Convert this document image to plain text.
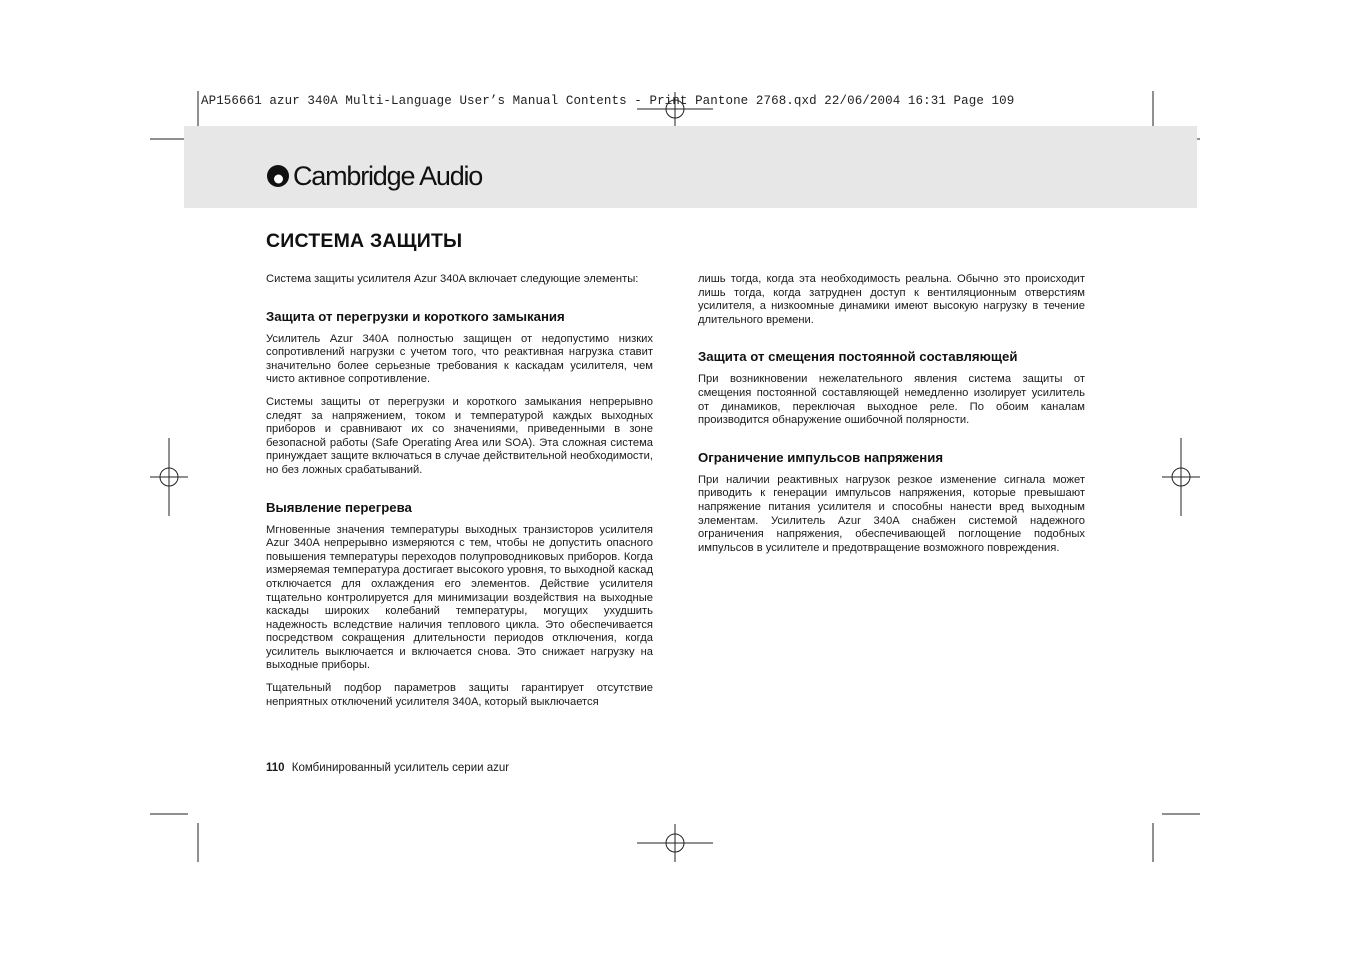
AP156661 azur 340A Multi-Language User’s Manual Contents - Print Pantone 2768.qxd 22/06/2004 16:31 Page 109
Cambridge Audio
СИСТЕМА ЗАЩИТЫ

Система защиты усилителя Azur 340A включает следующие элементы:

Защита от перегрузки и короткого замыкания

Усилитель Azur 340A полностью защищен от недопустимо низких сопротивлений нагрузки с учетом того, что реактивная нагрузка ставит значительно более серьезные требования к каскадам усилителя, чем чисто активное сопротивление.

Системы защиты от перегрузки и короткого замыкания непрерывно следят за напряжением, током и температурой каждых выходных приборов и сравнивают их со значениями, приведенными в зоне безопасной работы (Safe Operating Area или SOA). Эта сложная система принуждает защите включаться в случае действительной необходимости, но без ложных срабатываний.

Выявление перегрева

Мгновенные значения температуры выходных транзисторов усилителя Azur 340A непрерывно измеряются с тем, чтобы не допустить опасного повышения температуры переходов полупроводниковых приборов. Когда измеряемая температура достигает высокого уровня, то выходной каскад отключается для охлаждения его элементов. Действие усилителя тщательно контролируется для минимизации воздействия на выходные каскады широких колебаний температуры, могущих ухудшить надежность вследствие наличия теплового цикла. Это обеспечивается посредством сокращения длительности периодов отключения, когда усилитель выключается и включается снова. Это снижает нагрузку на выходные приборы.

Тщательный подбор параметров защиты гарантирует отсутствие неприятных отключений усилителя 340A, который выключается

лишь тогда, когда эта необходимость реальна. Обычно это происходит лишь тогда, когда затруднен доступ к вентиляционным отверстиям усилителя, а низкоомные динамики имеют высокую нагрузку в течение длительного времени.

Защита от смещения постоянной составляющей

При возникновении нежелательного явления система защиты от смещения постоянной составляющей немедленно изолирует усилитель от динамиков, переключая выходное реле. По обоим каналам производится обнаружение ошибочной полярности.

Ограничение импульсов напряжения

При наличии реактивных нагрузок резкое изменение сигнала может приводить к генерации импульсов напряжения, которые превышают напряжение питания усилителя и способны нанести вред выходным элементам. Усилитель Azur 340A снабжен системой надежного ограничения напряжения, обеспечивающей поглощение подобных импульсов в усилителе и предотвращение возможного повреждения.

110 Комбинированный усилитель серии azur
